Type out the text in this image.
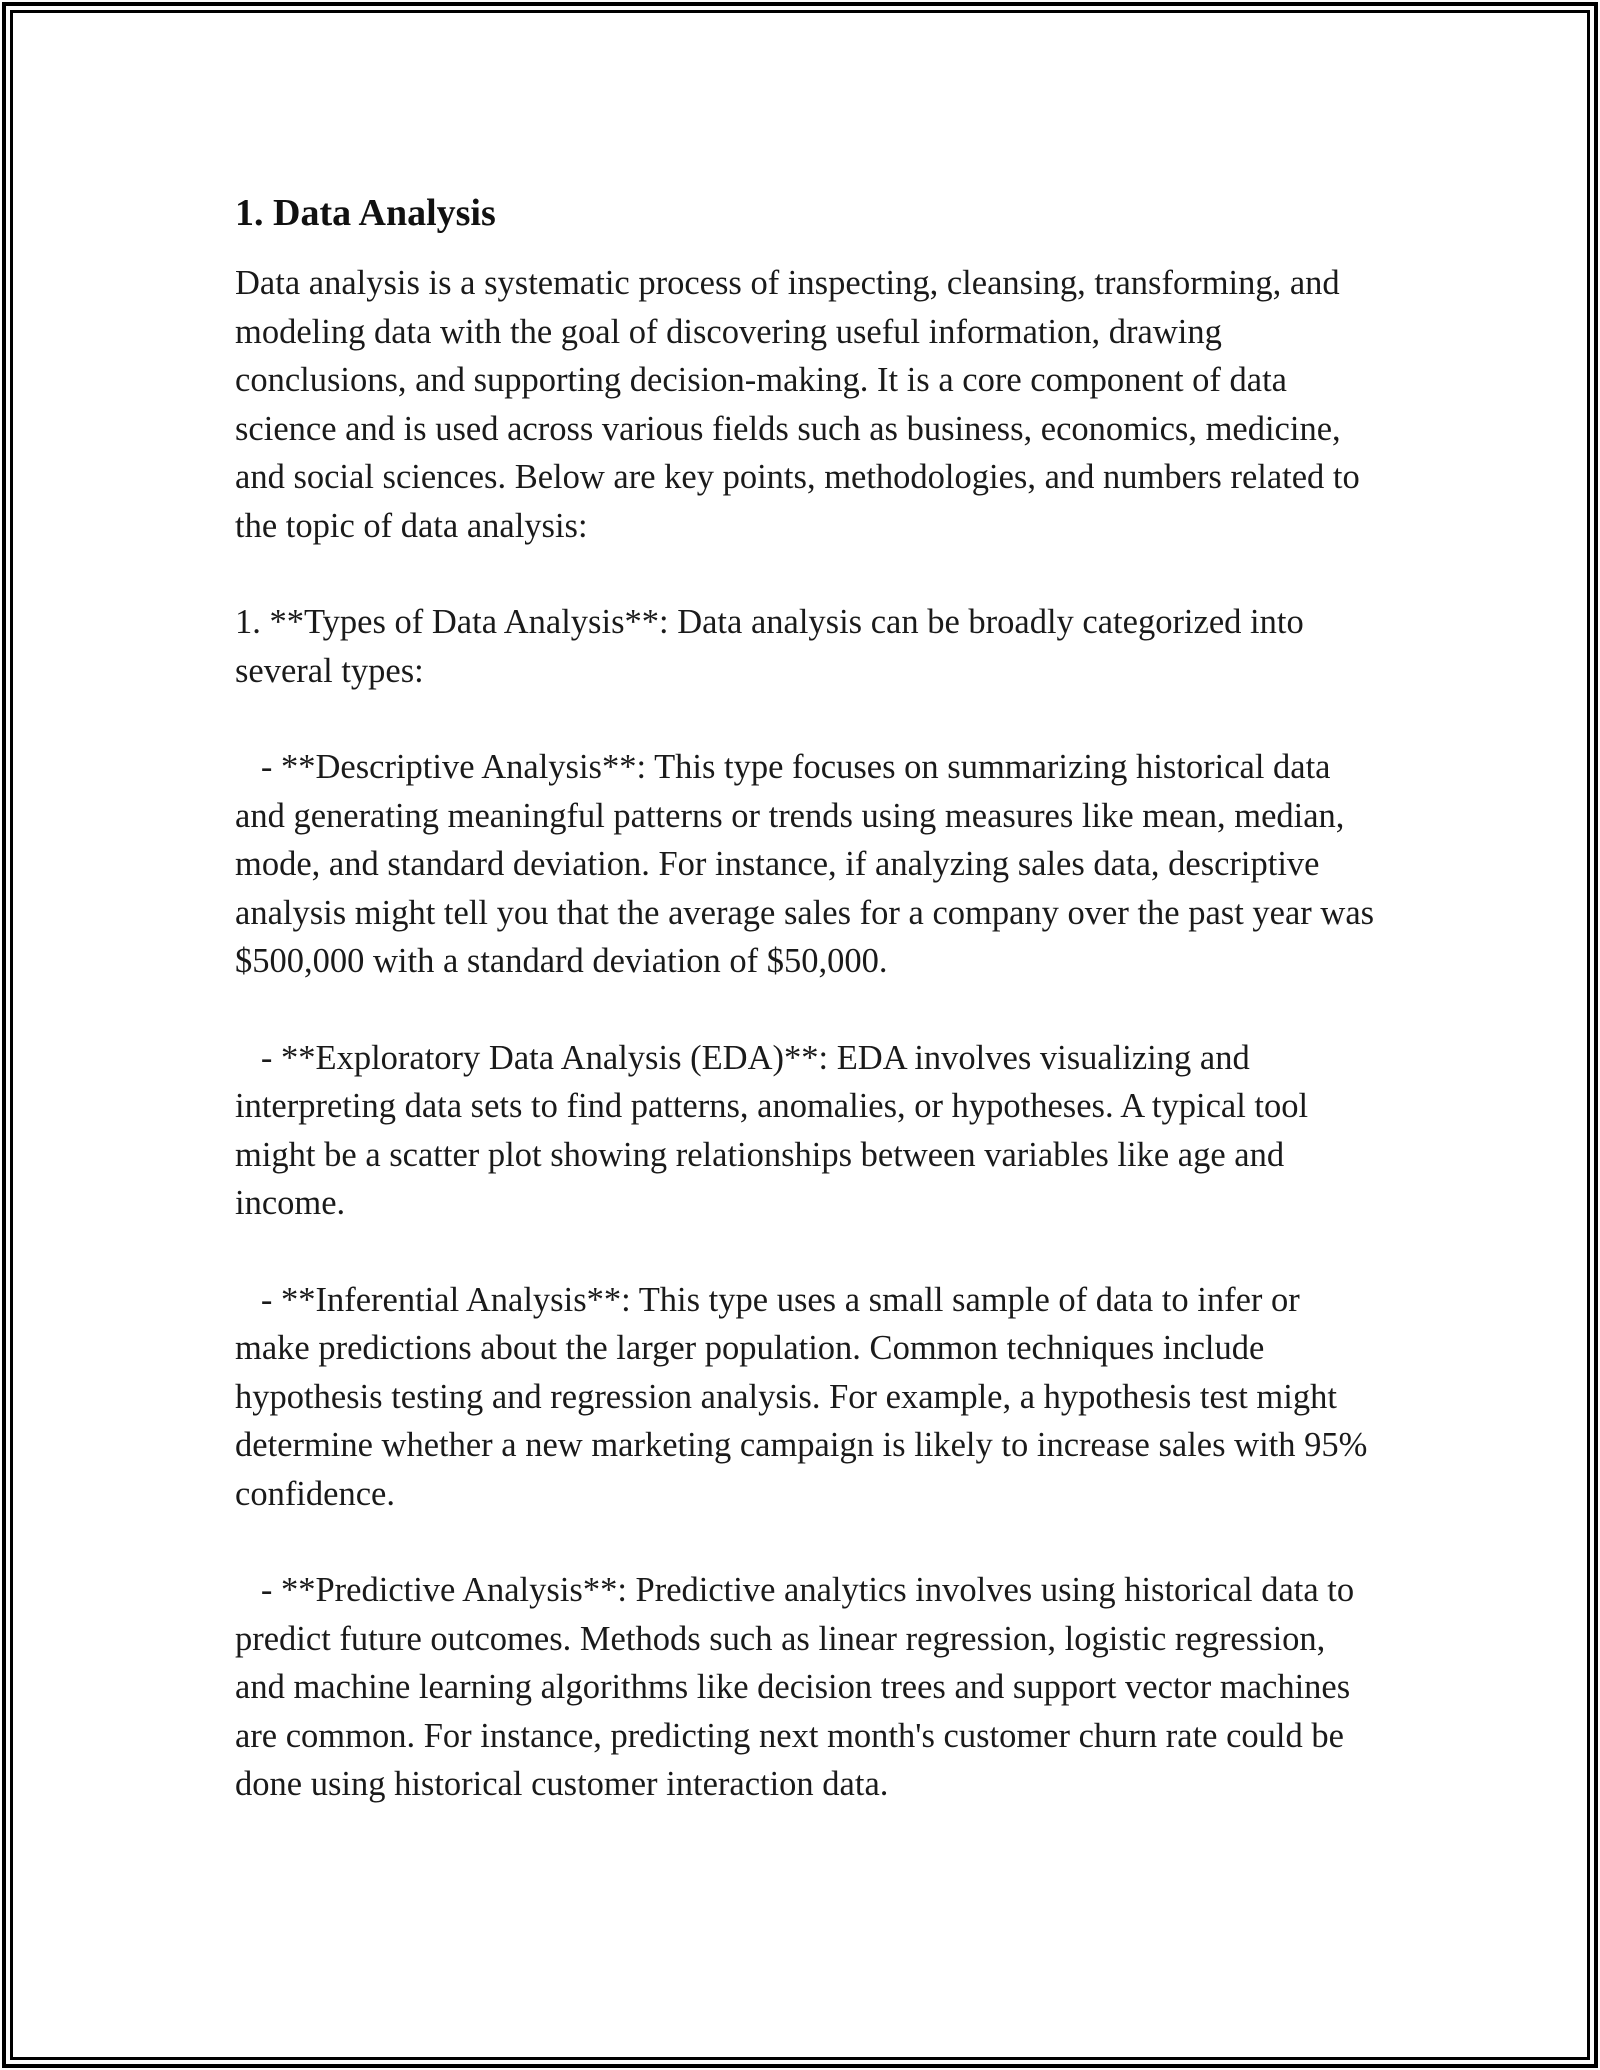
1. Data Analysis

Data analysis is a systematic process of inspecting, cleansing, transforming, and modeling data with the goal of discovering useful information, drawing conclusions, and supporting decision-making. It is a core component of data science and is used across various fields such as business, economics, medicine, and social sciences. Below are key points, methodologies, and numbers related to the topic of data analysis:

1. **Types of Data Analysis**: Data analysis can be broadly categorized into several types:

- **Descriptive Analysis**: This type focuses on summarizing historical data and generating meaningful patterns or trends using measures like mean, median, mode, and standard deviation. For instance, if analyzing sales data, descriptive analysis might tell you that the average sales for a company over the past year was $500,000 with a standard deviation of $50,000.

- **Exploratory Data Analysis (EDA)**: EDA involves visualizing and interpreting data sets to find patterns, anomalies, or hypotheses. A typical tool might be a scatter plot showing relationships between variables like age and income.

- **Inferential Analysis**: This type uses a small sample of data to infer or make predictions about the larger population. Common techniques include hypothesis testing and regression analysis. For example, a hypothesis test might determine whether a new marketing campaign is likely to increase sales with 95% confidence.

- **Predictive Analysis**: Predictive analytics involves using historical data to predict future outcomes. Methods such as linear regression, logistic regression, and machine learning algorithms like decision trees and support vector machines are common. For instance, predicting next month's customer churn rate could be done using historical customer interaction data.
